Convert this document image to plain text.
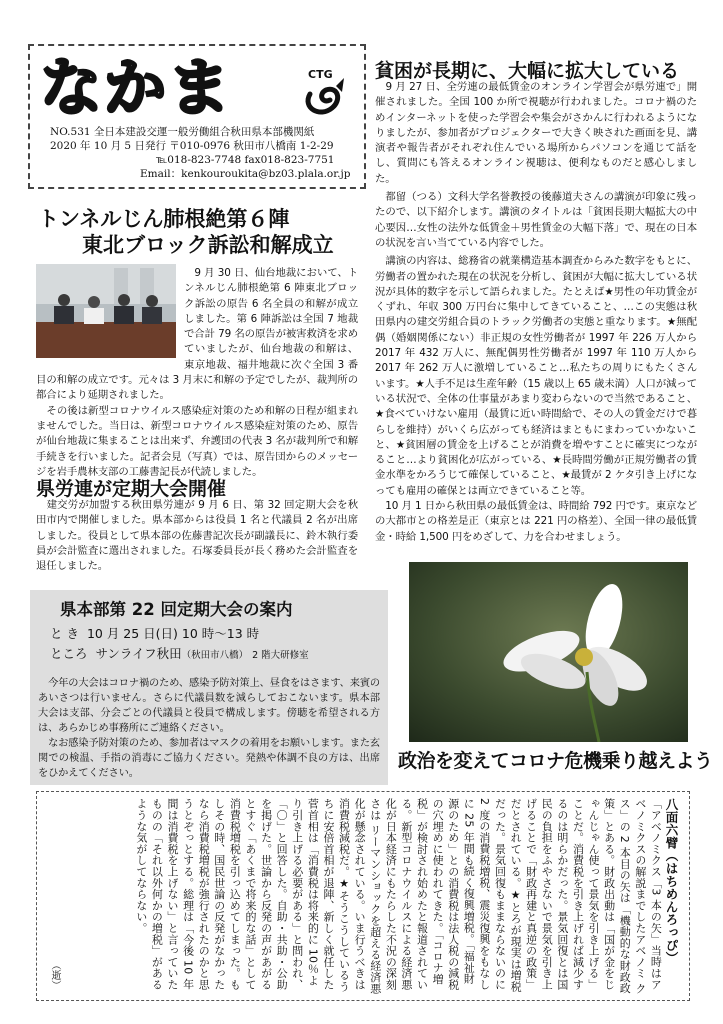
なかま	CTG
NO.531 全日本建設交運一般労働組合秋田県本部機関紙
2020 年 10 月 5 日発行 〒010-0976 秋田市八橋南 1-2-29
℡018-823-7748 fax018-823-7751
Email：kenkouroukita@bz03.plala.or.jp
貧困が長期に、大幅に拡大している

　9 月 27 日、全労連の最低賃金のオンライン学習会が県労連で」開催されました。全国 100 か所で視聴が行われました。コロナ禍のためインターネットを使った学習会や集会がさかんに行われるようになりましたが、参加者がプロジェクターで大きく映された画面を見、講演者や報告者がそれぞれ住んでいる場所からパソコンを通じて話をし、質問にも答えるオンライン視聴は、便利なものだと感心しました。

　都留（つる）文科大学名誉教授の後藤道夫さんの講演が印象に残ったので、以下紹介します。講演のタイトルは「貧困長期大幅拡大の中心要因…女性の法外な低賃金＋男性賃金の大幅下落」で、現在の日本の状況を言い当てている内容でした。

　講演の内容は、総務省の就業構造基本調査からみた数字をもとに、労働者の置かれた現在の状況を分析し、貧困が大幅に拡大している状況が具体的数字を示して語られました。たとえば★男性の年功賃金がくずれ、年収 300 万円台に集中してきていること、…この実態は秋田県内の建交労組合員のトラック労働者の実態と重なります。★無配偶（婚姻関係にない）非正規の女性労働者が 1997 年 226 万人から 2017 年 432 万人に、無配偶男性労働者が 1997 年 110 万人から 2017 年 262 万人に激増していること…私たちの周りにもたくさんいます。★人手不足は生産年齢（15 歳以上 65 歳未満）人口が減っている状況で、全体の仕事量があまり変わらないので当然であること、★食べていけない雇用（最賃に近い時間給で、その人の賃金だけで暮らしを維持）がいくら広がっても経済はまともにまわっていかないこと、★貧困層の賃金を上げることが消費を増やすことに確実につながること…より貧困化が広がっている、★長時間労働が正規労働者の賃金水準をかろうじて確保していること、★最賃が 2 ケタ引き上げになっても雇用の確保とは両立できていること等。

　10 月 1 日から秋田県の最低賃金は、時間給 792 円です。東京などの大都市との格差是正（東京とは 221 円の格差）、全国一律の最低賃金・時給 1,500 円をめざして、力を合わせましょう。

トンネルじん肺根絶第６陣
東北ブロック訴訟和解成立

　9 月 30 日、仙台地裁において、トンネルじん肺根絶第 6 陣東北ブロック訴訟の原告 6 名全員の和解が成立しました。第 6 陣訴訟は全国 7 地裁で合計 79 名の原告が被害救済を求めていましたが、仙台地裁の和解は、東京地裁、福井地裁に次ぐ全国 3 番目の和解の成立です。元々は 3 月末に和解の予定でしたが、裁判所の都合により延期されました。

　その後は新型コロナウイルス感染症対策のため和解の日程が組まれませんでした。当日は、新型コロナウイルス感染症対策のため、原告が仙台地裁に集まることは出来ず、弁護団の代表 3 名が裁判所で和解手続きを行いました。記者会見（写真）では、原告団からのメッセージを岩手農林支部の工藤書記長が代読しました。

県労連が定期大会開催

　建交労が加盟する秋田県労連が 9 月 6 日、第 32 回定期大会を秋田市内で開催しました。県本部からは役員 1 名と代議員 2 名が出席しました。役員として県本部の佐藤書記次長が副議長に、鈴木執行委員が会計監査に選出されました。石塚委員長が長く務めた会計監査を退任しました。

県本部第 22 回定期大会の案内
と き 10 月 25 日(日) 10 時～13 時
ところ サンライフ秋田（秋田市八橋） 2 階大研修室

　今年の大会はコロナ禍のため、感染予防対策上、昼食をはさます、来賓のあいさつは行いません。さらに代議員数を減らしておこないます。県本部大会は支部、分会ごとの代議員と役員で構成します。傍聴を希望される方は、あらかじめ事務所にご連絡ください。

　なお感染予防対策のため、参加者はマスクの着用をお願いします。また玄関での検温、手指の消毒にご協力ください。発熱や体調不良の方は、出席をひかえてください。

政治を変えてコロナ危機乗り越えよう
八面六臂（はちめんろっぴ）
「アベノミクス「3 本の矢」当時はア ベノミクスの解説までしたアベノミ クス」の 2 本目の矢は「機動的な財政政策」とある。財政出動は「国が金をじゃんじゃん使って景気を引き上げる」ことだ。消費税を引き上げれば減少するのは明らかだった。景気回復とは国民の負担をふやさないで景気を引き上げることで「財政再建と真逆の政策」だとされている。★とろが現実は増税だった。景気回復もままならないのに 2 度の消費税増税、震災復興をもなしに 25 年間も続く復興増税。「福祉財源のため」との消費税は法人税の減税の穴埋めに使われてきた。「コロナ増税」が検討され始めたと報道されている。新型コロナウイルスによる経済悪化が日本経済にもたらした不況の深刻さは リーマンショックを超える経済悪化が懸念されている。いま行うべきは消費税減税だ。★そうこうしているうちに安倍首相が退陣、新しく就任した菅首相は「消費税は将来的に 10％より引き上げる必要がある」と問われ、「〇」と回答した。自助・共助・公助を掲げた。世論から反発の声があがるとすぐ「あくまで将来的な話」として消費税増税を引っ込めてしまった。もしその時、国民世論の反発がなかったなら消費税増税が強行されたのかと思うとぞっとする。総理は「今後 10 年間は消費税を上げない」と言っていたものの「それ以外何かの増税」があるような気がしてならない。
（逝）
